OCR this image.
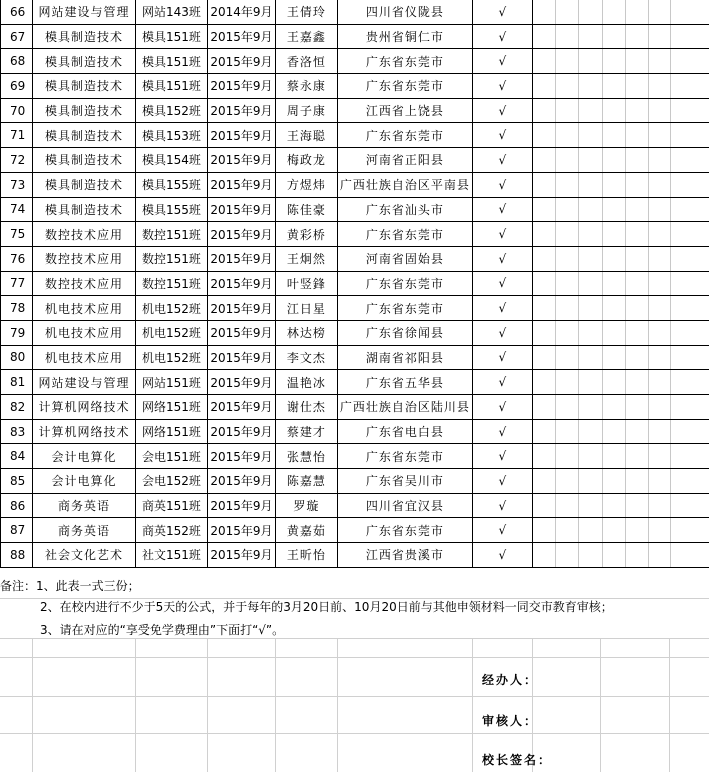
66	网站建设与管理	网站143班	2014年9月	王倩玲	四川省仪陇县	√							
67	模具制造技术	模具151班	2015年9月	王嘉鑫	贵州省铜仁市	√							
68	模具制造技术	模具151班	2015年9月	香洛恒	广东省东莞市	√							
69	模具制造技术	模具151班	2015年9月	蔡永康	广东省东莞市	√							
70	模具制造技术	模具152班	2015年9月	周子康	江西省上饶县	√							
71	模具制造技术	模具153班	2015年9月	王海聪	广东省东莞市	√							
72	模具制造技术	模具154班	2015年9月	梅政龙	河南省正阳县	√							
73	模具制造技术	模具155班	2015年9月	方煜炜	广西壮族自治区平南县	√							
74	模具制造技术	模具155班	2015年9月	陈佳豪	广东省汕头市	√							
75	数控技术应用	数控151班	2015年9月	黄彩桥	广东省东莞市	√							
76	数控技术应用	数控151班	2015年9月	王炯然	河南省固始县	√							
77	数控技术应用	数控151班	2015年9月	叶竖鋒	广东省东莞市	√							
78	机电技术应用	机电152班	2015年9月	江日星	广东省东莞市	√							
79	机电技术应用	机电152班	2015年9月	林达榜	广东省徐闻县	√							
80	机电技术应用	机电152班	2015年9月	李文杰	湖南省祁阳县	√							
81	网站建设与管理	网站151班	2015年9月	温艳冰	广东省五华县	√							
82	计算机网络技术	网络151班	2015年9月	谢仕杰	广西壮族自治区陆川县	√							
83	计算机网络技术	网络151班	2015年9月	蔡建才	广东省电白县	√							
84	会计电算化	会电151班	2015年9月	张慧怡	广东省东莞市	√							
85	会计电算化	会电152班	2015年9月	陈嘉慧	广东省吴川市	√							
86	商务英语	商英151班	2015年9月	罗璇	四川省宜汉县	√							
87	商务英语	商英152班	2015年9月	黄嘉茹	广东省东莞市	√							
88	社会文化艺术	社文151班	2015年9月	王昕怡	江西省贵溪市	√							
备注：1、此表一式三份；
2、在校内进行不少于5天的公式，并于每年的3月20日前、10月20日前与其他申领材料一同交市教育审核；
3、请在对应的“享受免学费理由”下面打“√”。
经办人：
审核人：
校长签名：
